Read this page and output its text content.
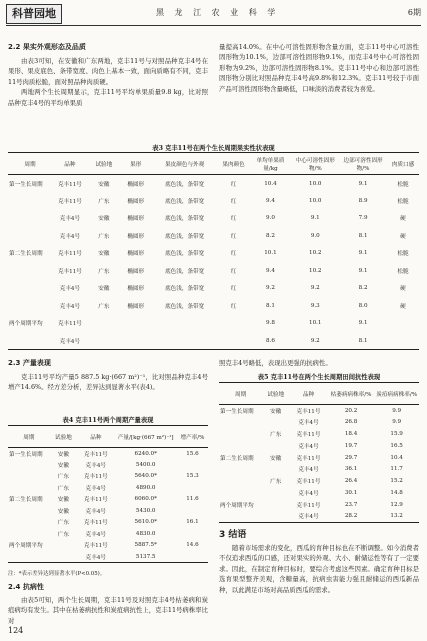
科普园地	黑 龙 江 农 业 科 学	6期
2.2 果实外观形态及品质

由表3可知，在安徽和广东两地，克丰11号与对照品种克丰4号在果形、果皮底色、条带宽度、肉色上基本一致，面向质略有不同，克丰11号肉质松脆，面对照品种肉质硬。

两地两个生长周期显示，克丰11号平均单果质量9.8 kg，比对照品种克丰4号的平均单果质

量提高14.0%。在中心可溶性固形物含量方面，克丰11号中心可溶性固形物为10.1%，边部可溶性固形物9.1%，而克丰4号中心可溶性固形物为9.2%，边部可溶性固形物8.1%。克丰11号中心和边部可溶性固形物分别比对照品种克丰4号高9.8%和12.3%。克丰11号较于市面产品可溶性固形物含量略低，口味淡的消费者较为喜爱。

表3 克丰11号在两个生长周期果实性状表现
周期	品种	试验地	果形	果皮颜色与外观	果肉颜色	单均单果质量/kg	中心可溶性固形物/%	边部可溶性固形物/%	肉质口感
第一生长周期	克丰11号	安徽	椭圆形	底色浅，条带宽	红	10.4	10.0	9.1	松脆
	克丰11号	广东	椭圆形	底色浅，条带宽	红	9.4	10.0	8.9	松脆
	克丰4号	安徽	椭圆形	底色浅，条带宽	红	9.0	9.1	7.9	硬
	克丰4号	广东	椭圆形	底色浅，条带宽	红	8.2	9.0	8.1	硬
第二生长周期	克丰11号	安徽	椭圆形	底色浅，条带宽	红	10.1	10.2	9.1	松脆
	克丰11号	广东	椭圆形	底色浅，条带宽	红	9.4	10.2	9.1	松脆
	克丰4号	安徽	椭圆形	底色浅，条带宽	红	9.2	9.2	8.2	硬
	克丰4号	广东	椭圆形	底色浅，条带宽	红	8.1	9.3	8.0	硬
两个周期平均	克丰11号					9.8	10.1	9.1	
	克丰4号					8.6	9.2	8.1	
2.3 产量表现

克丰11号平均产量5 887.5 kg·(667 m²)⁻¹，比对照品种克丰4号增产14.6%。经方差分析，差异达到显著水平(表4)。

表4 克丰11号两个周期产量表现
周期	试验地	品种	产量/[kg·(667 m²)⁻¹]	增产率/%
第一生长周期	安徽	克丰11号	6240.0*	15.6
	安徽	克丰4号	5400.0	
	广东	克丰11号	5640.0*	15.3
	广东	克丰4号	4890.0	
第二生长周期	安徽	克丰11号	6060.0*	11.6
	安徽	克丰4号	5430.0	
	广东	克丰11号	5610.0*	16.1
	广东	克丰4号	4830.0	
两个周期平均		克丰11号	5887.5*	14.6
		克丰4号	5137.5	
注：*表示差异达到显著水平(P<0.05)。
2.4 抗病性

由表5可知，两个生长周期，克丰11号及对照克丰4号枯萎病和炭疽病均有发生。其中在枯萎病抗性和炭疽病抗性上，克丰11号病株率比对

照克丰4号略低，表现出更强的抗病性。

表5 克丰11号在两个生长周期田间抗性表现
周期	试验地	品种	枯萎病病株率/%	炭疽病病株率/%
第一生长周期	安徽	克丰11号	20.2	9.9
		克丰4号	26.8	9.9
	广东	克丰11号	18.4	15.9
		克丰4号	19.7	16.5
第二生长周期	安徽	克丰11号	29.7	10.4
		克丰4号	36.1	11.7
	广东	克丰11号	26.4	15.2
		克丰4号	30.1	14.8
两个周期平均		克丰11号	23.7	12.9
		克丰4号	28.2	13.2
3 结语

随着市场需求的变化，西瓜的育种目标也在不断调整。如今消费者不仅追求西瓜的口感，还对果实的外观、大小、耐储运性等有了一定要求。因此，在制定育种目标时，要综合考虑这些因素。确定育种目标是选育果型整齐美观，含糖量高，抗病虫害能力强且耐储运的西瓜新品种，以此满足市场对高品质西瓜的需求。

124
